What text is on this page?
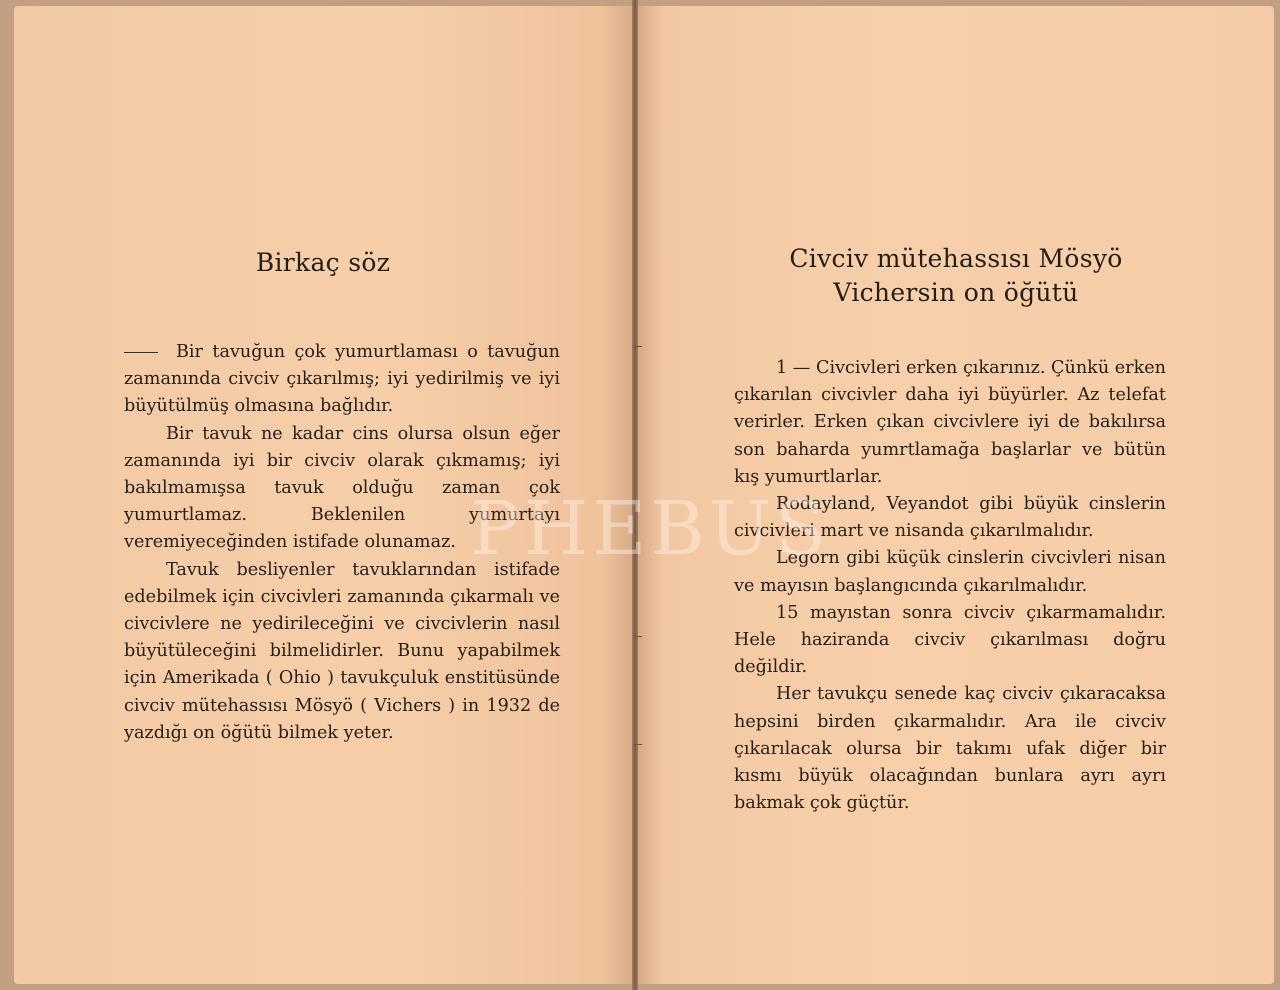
Birkaç söz

Bir tavuğun çok yumurtlaması o tavuğun zamanında civciv çıkarılmış; iyi yedirilmiş ve iyi büyütülmüş olmasına bağlıdır.

Bir tavuk ne kadar cins olursa olsun eğer zamanında iyi bir civciv olarak çıkmamış; iyi bakılmamışsa tavuk olduğu zaman çok yumurtlamaz. Beklenilen yumurtayı veremiyeceğinden istifade olunamaz.

Tavuk besliyenler tavuklarından istifade edebilmek için civcivleri zamanında çıkarmalı ve civcivlere ne yedirileceğini ve civcivlerin nasıl büyütüleceğini bilmelidirler. Bunu yapabilmek için Amerikada ( Ohio ) tavukçuluk enstitüsünde civciv mütehassısı Mösyö ( Vichers ) in 1932 de yazdığı on öğütü bilmek yeter.

Civciv mütehassısı Mösyö
Vichersin on öğütü

1 — Civcivleri erken çıkarınız. Çünkü erken çıkarılan civcivler daha iyi büyürler. Az telefat verirler. Erken çıkan civcivlere iyi de bakılırsa son baharda yumrtlamağa başlarlar ve bütün kış yumurtlarlar.

Rodayland, Veyandot gibi büyük cinslerin civcivleri mart ve nisanda çıkarılmalıdır.

Legorn gibi küçük cinslerin civcivleri nisan ve mayısın başlangıcında çıkarılmalıdır.

15 mayıstan sonra civciv çıkarmamalıdır. Hele haziranda civciv çıkarılması doğru değildir.

Her tavukçu senede kaç civciv çıkaracaksa hepsini birden çıkarmalıdır. Ara ile civciv çıkarılacak olursa bir takımı ufak diğer bir kısmı büyük olacağından bunlara ayrı ayrı bakmak çok güçtür.

PHEBUS
